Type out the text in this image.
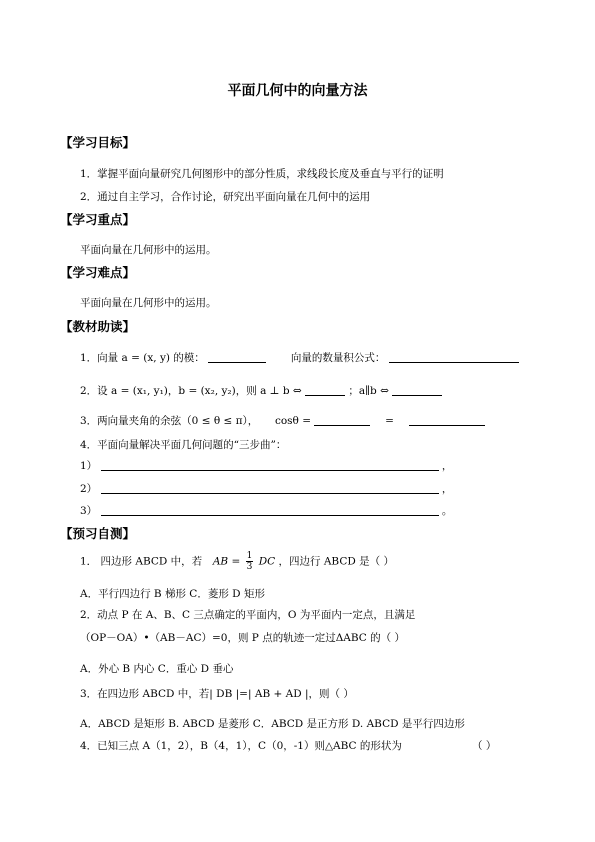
平面几何中的向量方法
【学习目标】
1．掌握平面向量研究几何图形中的部分性质，求线段长度及垂直与平行的证明
2．通过自主学习，合作讨论，研究出平面向量在几何中的运用
【学习重点】
平面向量在几何形中的运用。
【学习难点】
平面向量在几何形中的运用。
【教材助读】
1．向量 a = (x, y) 的模：	向量的数量积公式：
2．设 a = (x₁, y₁)，b = (x₂, y₂)，则 a ⊥ b ⇔	；a∥b ⇔
3．两向量夹角的余弦（0 ≤ θ ≤ π）， cosθ =	=
4．平面向量解决平面几何问题的“三步曲”：
1）	，
2）	，
3）	。
【预习自测】
1． 四边形 ABCD 中，若 AB = $\frac{1}{3}$ DC ，四边行 ABCD 是（ ）
A．平行四边行 B 梯形 C．菱形 D 矩形
2．动点 P 在 A、B、C 三点确定的平面内，O 为平面内一定点，且满足
（OP－OA）•（AB－AC）=0，则 P 点的轨迹一定过ΔABC 的（ ）
A．外心 B 内心 C．重心 D 垂心
3．在四边形 ABCD 中，若| DB |=| AB + AD |，则（ ）
A．ABCD 是矩形 B. ABCD 是菱形 C．ABCD 是正方形 D. ABCD 是平行四边形
4．已知三点 A（1，2），B（4，1），C（0，-1）则△ABC 的形状为	（ ）
